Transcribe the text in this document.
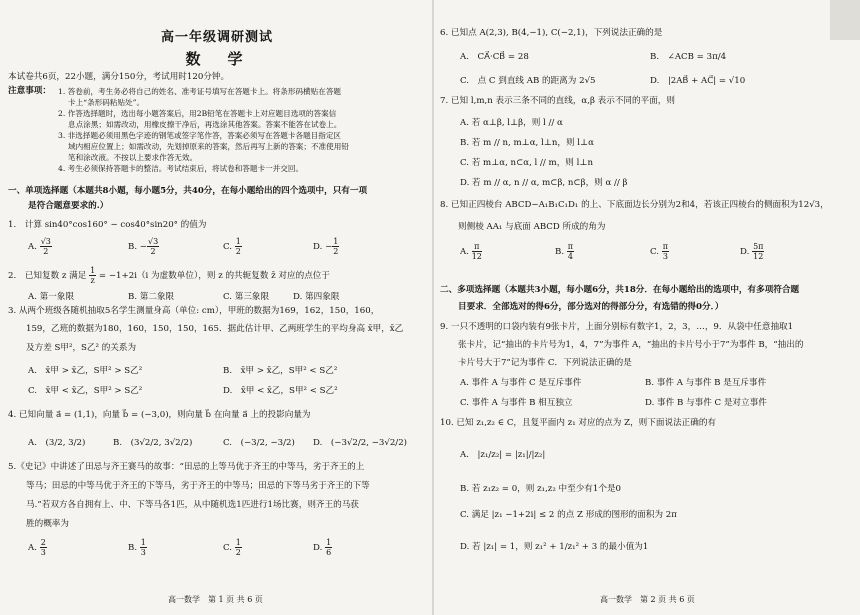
高一年级调研测试
数　学
本试卷共6页，22小题，满分150分，考试用时120分钟。
注意事项： 1. 答卷前，考生务必将自己的姓名、准考证号填写在答题卡上。将条形码横贴在答题
卡上“条形码粘贴处”。
2. 作答选择题时，选出每小题答案后，用2B铅笔在答题卡上对应题目选项的答案信
息点涂黑；如需改动，用橡皮擦干净后，再选涂其他答案。答案不能答在试卷上。
3. 非选择题必须用黑色字迹的钢笔或签字笔作答，答案必须写在答题卡各题目指定区
域内相应位置上；如需改动，先划掉原来的答案，然后再写上新的答案；不准使用铅
笔和涂改液。不按以上要求作答无效。
4. 考生必须保持答题卡的整洁。考试结束后，将试卷和答题卡一并交回。
一、单项选择题（本题共8小题，每小题5分，共40分，在每小题给出的四个选项中，只有一项
是符合题意要求的.）
1.　计算 sin40°cos160° − cos40°sin20° 的值为
A. $\frac{√3}{2}$	B. − $\frac{√3}{2}$	C. $\frac{1}{2}$	D. − $\frac{1}{2}$
2.　已知复数 z 满足 $\frac{1}{z} = -1+2i(i$ 为虚数单位），则 z 的共轭复数 z̄ 对应的点位于
A. 第一象限	B. 第二象限	C. 第三象限	D. 第四象限
3. 从两个班级各随机抽取5名学生测量身高（单位: cm），甲班的数据为169，162，150，160，
159，乙班的数据为180，160，150，150，165．据此估计甲、乙两班学生的平均身高 x̄甲，x̄乙
及方差 S甲²，S乙² 的关系为
A.　x̄甲 > x̄乙，S甲² > S乙²	B.　x̄甲 > x̄乙，S甲² < S乙²
C.　x̄甲 < x̄乙，S甲² > S乙²	D.　x̄甲 < x̄乙，S甲² < S乙²
4. 已知向量 a⃗ = (1,1)，向量 b⃗ = (−3,0)，则向量 b⃗ 在向量 a⃗ 上的投影向量为
A.　(3/2, 3/2)	B.　(3√2/2, 3√2/2)	C.　(−3/2, −3/2) D.　(−3√2/2, −3√2/2)
5.《史记》中讲述了田忌与齐王赛马的故事：“田忌的上等马优于齐王的中等马，劣于齐王的上
等马；田忌的中等马优于齐王的下等马，劣于齐王的中等马；田忌的下等马劣于齐王的下等
马.”若双方各自拥有上、中、下等马各1匹，从中随机选1匹进行1场比赛，则齐王的马获
胜的概率为
A. $\frac{2}{3}$	B. $\frac{1}{3}$	C. $\frac{1}{2}$	D. $\frac{1}{6}$
高一数学　第 1 页 共 6 页
6. 已知点 A(2,3), B(4,−1), C(−2,1)，下列说法正确的是
A.　CA⃗·CB⃗ = 28	B.　∠ACB = 3π/4
C.　点 C 到直线 AB 的距离为 2√5	D.　|2AB⃗ + AC⃗| = √10
7. 已知 l,m,n 表示三条不同的直线，α,β 表示不同的平面，则
A. 若 α⊥β, l⊥β，则 l // α
B. 若 m // n, m⊥α, l⊥n，则 l⊥α
C. 若 m⊥α, n⊂α, l // m，则 l⊥n
D. 若 m // α, n // α, m⊂β, n⊂β，则 α // β
8. 已知正四棱台 ABCD−A₁B₁C₁D₁ 的上、下底面边长分别为2和4，若该正四棱台的侧面积为12√3，
则侧棱 AA₁ 与底面 ABCD 所成的角为
A. $\frac{\pi}{12}$	B. $\frac{\pi}{4}$	C. $\frac{\pi}{3}$	D. $\frac{5\pi}{12}$
二、多项选择题（本题共3小题，每小题6分，共18分．在每小题给出的选项中，有多项符合题
目要求．全部选对的得6分，部分选对的得部分分，有选错的得0分．）
9. 一只不透明的口袋内装有9张卡片，上面分别标有数字1，2，3，…，9．从袋中任意抽取1
张卡片，记“抽出的卡片号为1，4，7”为事件 A，“抽出的卡片号小于7”为事件 B，“抽出的
卡片号大于7”记为事件 C．下列说法正确的是
A. 事件 A 与事件 C 是互斥事件	B. 事件 A 与事件 B 是互斥事件
C. 事件 A 与事件 B 相互独立	D. 事件 B 与事件 C 是对立事件
10. 已知 z₁,z₂ ∈ C，且复平面内 z₁ 对应的点为 Z，则下面说法正确的有
A.　|z₁/z₂| = |z₁|/|z₂|
B. 若 z₁z₂ = 0，则 z₁,z₂ 中至少有1个是0
C. 满足 |z₁ −1+2i| ≤ 2 的点 Z 形成的图形的面积为 2π
D. 若 |z₁| = 1，则 z₁² + 1/z₁² + 3 的最小值为1
高一数学　第 2 页 共 6 页
